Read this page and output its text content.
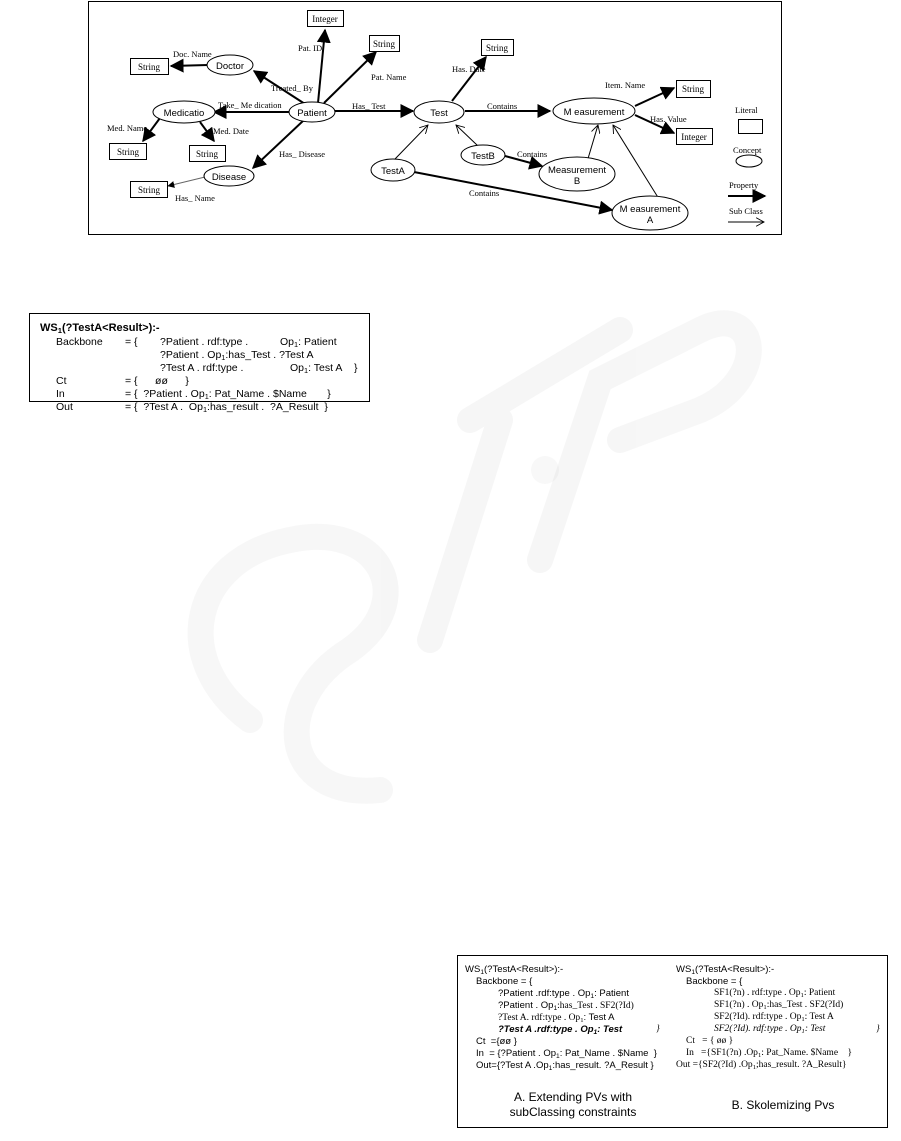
Integer
String
String	String
String
Integer
String	String
String
Doctor
Medicatio	Patient
Disease
Test
TestA
TestB
M easurement
Measurement
B
M easurement
A
Doc. Name
Pat. ID
Pat. Name
Treated_ By
Take_ Me dication
Med. Name	Med. Date
Has_ Disease
Has_ Name
Has_ Test
Has. Date
Contains
Item. Name
Has. Value
Contains
Contains
Literal
Concept
Property
Sub Class
$WS_1(?TestA<Result>):-$
Backbone = { ?Patient . rdf:type .	$Op_1$: Patient
?Patient . $Op_1:has\_Test$ . ?Test A
?Test A . rdf:type .	$Op_1$: Test A }
Ct	= {      øø      }
In	= {  ?Patient . $Op_1$: Pat_Name . $Name       }
Out	= {  ?Test A .  $Op_1:has\_result$ .  ?A_Result  }
$WS_1(?TestA<Result>):-$
Backbone = {
?Patient .rdf:type . $Op_1$: Patient
?Patient . $Op_1:has\_Test$ . SF2(?Id)
?Test A. rdf:type . $Op_1$: Test A
?Test A .rdf:type . $Op_1$: Test	}
Ct  ={øø }
In  = {?Patient . $Op_1$: Pat_Name . $Name  }
Out={?Test A $.Op_1:has\_result$. ?A_Result }
A. Extending PVs with
subClassing constraints
$WS_1(?TestA<Result>):-$
Backbone = {
SF1(?n) . rdf:type . $Op_1$: Patient
SF1(?n) . $Op_1:has\_Test$ . SF2(?Id)
SF2(?Id). rdf:type . $Op_1$: Test A
SF2(?Id). rdf:type . $Op_1$: Test	}
Ct   = { øø }
In   ={SF1(?n) $.Op_1$: Pat_Name. $Name    }
Out ={SF2(?Id) $.Op_1;has\_result$. ?A_Result}
B. Skolemizing Pvs
